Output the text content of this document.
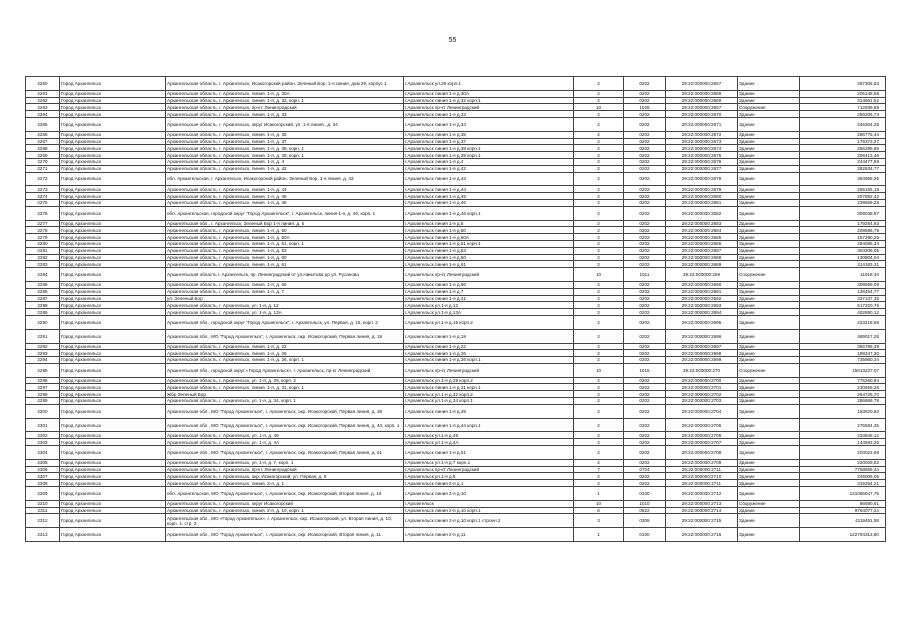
55
2260	Город Архангельск	Архангельская область, г. Архангельск, Исакогорский район, Зеленый Бор, 1-я линия, дом 29, корпус 1	г.Архангельск ул.29 корп.1	2	0202	29:22:000000:2667	Здание	287306,53
2261	Город Архангельск	Архангельская область, г. Архангельск, линия. 1-я, д. 30А	г.Архангельск линия 1-я д.30А	2	0202	29:22:000000:2668	Здание	205148,58
2262	Город Архангельск	Архангельская область, г. Архангельск, линия. 1-я, д. 32, корп. 1	г.Архангельск линия 1-я д.32 корп.1	2	0202	29:22:000000:2669	Здание	314661,52
2263	Город Архангельск	Архангельская область, г. Архангельск, пр-кт. Ленинградский	г.Архангельск пр-кт Ленинградский	10	1025	29:22:000000:2667	Сооружение	712939,89
2264	Город Архангельск	Архангельская область, г. Архангельск, линия. 1-я, д. 33	г.Архангельск линия 1-я д.33	2	0202	29:22:000000:2670	Здание	256206,74
2265	Город Архангельск	Архангельская область, г. Архангельск, округ Исакогорский, ул. 1-я линия., д. 34	г.Архангельск линия 1-я д.34	2	0202	29:22:000000:2671	Здание	246304,25
2266	Город Архангельск	Архангельская область, г. Архангельск, линия. 1-я, д. 35	г.Архангельск линия 1-я д.35	2	0202	29:22:000000:2672	Здание	286775,44
2267	Город Архангельск	Архангельская область, г. Архангельск, линия. 1-я, д. 37	г.Архангельск линия 1-я д.37	2	0202	29:22:000000:2673	Здание	176373,27
2268	Город Архангельск	Архангельская область, г. Архангельск, линия. 1-я, д. 38, корп. 1	г.Архангельск линия 1-я д.38 корп.1	2	0202	29:22:000000:2674	Здание	256295,85
2269	Город Архангельск	Архангельская область, г. Архангельск, линия. 1-я, д. 39, корп. 1	г.Архангельск линия 1-я д.39 корп.1	2	0202	29:22:000000:2675	Здание	206413,46
2270	Город Архангельск	Архангельская область, г. Архангельск, линия. 1-я, д. 4	г.Архангельск линия 1-я д.4	2	0202	29:22:000000:2676	Здание	244477,58
2271	Город Архангельск	Архангельская область, г. Архангельск, линия. 1-я, д. 42	г.Архангельск линия 1-я д.42	2	0202	29:22:000000:2677	Здание	282534,77
2272	Город Архангельск	обл. Архангельская, г. Архангельск, Исакогорский район, Зеленый Бор, 1-я линия, д. 43	г.Архангельск линия 1-я д.43	2	0202	29:22:000000:2678	Здание	364958,25
2273	Город Архангельск	Архангельская область, г. Архангельск, линия. 1-я, д. 44	г.Архангельск линия 1-я д.44	2	0202	29:22:000000:2679	Здание	265155,19
2274	Город Архангельск	Архангельская область, г. Архангельск, линия. 1-я, д. 45	г.Архангельск линия 1-я д.45	2	0202	29:22:000000:2680	Здание	207892,42
2275	Город Архангельск	Архангельская область, г. Архангельск, линия. 1-я, д. 46	г.Архангельск линия 1-я д.46	2	0202	29:22:000000:2681	Здание	239659,28
2276	Город Архангельск	обл. Архангельская, городской округ "Город Архангельск", г. Архангельск, линия 1-я, д. 46, корп. 1	г.Архангельск линия 1-я д.46 корп.1	2	0202	29:22:000000:2682	Здание	309038,97
2277	Город Архангельск	Архангельская обл., г. Архангельск, Зеленый Бор 1-я линия, д. 5	г.Архангельск линия 1-я д.5	2	0202	29:22:000000:2683	Здание	179284,63
2278	Город Архангельск	Архангельская область, г. Архангельск, линия. 1-я, д. 50	г.Архангельск линия 1-я д.50	2	0202	29:22:000000:2684	Здание	208596,79
2279	Город Архангельск	Архангельская область, г. Архангельск, линия. 1-я, д. 50А	г.Архангельск линия 1-я д.50А	2	0202	29:22:000000:2685	Здание	157290,26
2280	Город Архангельск	Архангельская область, г. Архангельск, линия. 1-я, д. 51, корп. 1	г.Архангельск линия 1-я д.51 корп.1	2	0202	29:22:000000:2686	Здание	294085,34
2281	Город Архангельск	Архангельская область, г. Архангельск, линия. 1-я, д. 53	г.Архангельск линия 1-я д.53	2	0202	29:22:000000:2687	Здание	303208,05
2282	Город Архангельск	Архангельская область, г. Архангельск, линия. 1-я, д. 60	г.Архангельск линия 1-я д.60	2	0202	29:22:000000:2688	Здание	130804,04
2283	Город Архангельск	Архангельская область, г. Архангельск, линия. 1-я, д. 61	г.Архангельск линия 1-я д.61	2	0202	29:22:000000:2689	Здание	314183,31
2284	Город Архангельск	Архангельская область г. Архангельск, пр. Ленинградский от ул.Никитова до ул. Русанова	г.Архангельск пр-кт Ленинградский	10	1011	29:22:000000:269	Сооружение	11918,34
2285	Город Архангельск	Архангельская область, г. Архангельск, линия. 1-я, д. 66	г.Архангельск линия 1-я д.66	2	0202	29:22:000000:2690	Здание	309569,09
2286	Город Архангельск	Архангельская область, г. Архангельск, линия. 1-я, д. 7	г.Архангельск линия 1-я д.7	2	0202	29:22:000000:2691	Здание	136454,77
2287	Город Архангельск	ул. Зеленый Бор	г.Архангельск линия 1-я д.41	2	0202	29:22:000000:2692	Здание	337137,35
2288	Город Архангельск	Архангельская область, г. Архангельск, ул. 1-я, д. 12	г.Архангельск ул.1-я д.12	2	0202	29:22:000000:2693	Здание	617320,76
2289	Город Архангельск	Архангельская область, г. Архангельск, ул. 1-я, д. 13А	г.Архангельск ул.1-я д.13А	2	0202	29:22:000000:2694	Здание	402890,12
2290	Город Архангельск	Архангельская обл., городской округ "Город Архангельск", г. Архангельск, ул. Первая, д. 15, корп. 2	г.Архангельск ул.1-я д.15 корп.2	2	0202	29:22:000000:2695	Здание	223218,58
2291	Город Архангельск	Архангельская обл., МО "Город Архангельск", г. Архангельск, окр. Исакогорский, Первая линия, д. 19	г.Архангельск линия 1-я д.19	2	0202	29:22:000000:2696	Здание	489017,26
2292	Город Архангельск	Архангельская область, г. Архангельск, линия. 1-я, д. 22	г.Архангельск линия 1-я д.22	2	0202	29:22:000000:2697	Здание	366786,39
2293	Город Архангельск	Архангельская область, г. Архангельск, линия. 1-я, д. 26	г.Архангельск линия 1-я д.26	2	0202	29:22:000000:2698	Здание	189347,30
2294	Город Архангельск	Архангельская область, г. Архангельск, линия. 1-я, д. 26, корп. 1	г.Архангельск линия 1-я д.26 корп.1	2	0202	29:22:000000:2699	Здание	735960,34
2295	Город Архангельск	Архангельская обл., городской округ «Город Архангельск», г. Архангельск, пр-кт Ленинградский	г.Архангельск пр-кт Ленинградский	10	1015	29:22:000000:270	Сооружение	15613227,07
2296	Город Архангельск	Архангельская область, г. Архангельск, ул. 1-я, д. 29, корп. 2	г.Архангельск ул.1-я д.29 корп.2	2	0202	29:22:000000:2700	Здание	775260,84
2297	Город Архангельск	Архангельская область, г. Архангельск, линия. 1-я, д. 31, корп. 1	г.Архангельск линия 1-я д.31 корп.1	2	0202	29:22:000000:2701	Здание	230659,28
2298	Город Архангельск	Жбр Зеленый Бор	г.Архангельск ул.1-я д.32 корп.2	2	0202	29:22:000000:2702	Здание	264726,70
2299	Город Архангельск	Архангельская область, г. Архангельск, ул. 1-я, д. 34, корп. 1	г.Архангельск ул.1-я д.34 корп.1	2	0202	29:22:000000:2703	Здание	286866,78
2300	Город Архангельск	Архангельская обл., МО "Город Архангельск", г. Архангельск, окр. Исакогорский, Первая линия, д. 39	г.Архангельск линия 1-я д.39	2	0202	29:22:000000:2704	Здание	153820,82
2301	Город Архангельск	Архангельская обл., МО "Город Архангельск", г. Архангельск, окр. Исакогорский, Первая линия, д. 44, корп. 1	г.Архангельск линия 1-я д.44 корп.1	2	0202	29:22:000000:2705	Здание	276584,35
2302	Город Архангельск	Архангельская область, г. Архангельск, ул. 1-я, д. 49	г.Архангельск ул.1-я д.49	2	0202	29:22:000000:2706	Здание	233848,12
2303	Город Архангельск	Архангельская область, г. Архангельск, ул. 1-я, д. 4А	г.Архангельск ул.1-я д.4А	2	0202	29:22:000000:2707	Здание	144593,25
2304	Город Архангельск	Архангельская обл., МО "Город Архангельск", г. Архангельск, окр. Исакогорский, Первая линия, д. 51	г.Архангельск линия 1-я д.51	2	0202	29:22:000000:2708	Здание	203022,69
2305	Город Архангельск	Архангельская область, г. Архангельск, ул. 1-я, д. 7, корп. 1	г.Архангельск ул.1-я д.7 корп.1	2	0202	29:22:000000:2709	Здание	220029,82
2306	Город Архангельск	Архангельская область, г. Архангельск, пр-кт. Ленинградский	г.Архангельск пр-кт Ленинградский	7	0704	29:22:000000:2711	Здание	7758659,44
2307	Город Архангельск	Архангельская область, г. Архангельск, окр. Исакогорский, ул. Первая, д. 8	г.Архангельск ул.1-я д.8	2	0202	29:22:000000:2710	Здание	245006,05
2308	Город Архангельск	Архангельская область, г. Архангельск, линия. 2-я, д. 1	г.Архангельск линия 2-я д.1	2	0202	29:22:000000:2711	Здание	319254,21
2309	Город Архангельск	обл. Архангельская, МО "Город Архангельск", г. Архангельск, окр. Исакогорский, Вторая линия, д. 10	г.Архангельск линия 2-я д.10	1	0100	29:22:000000:2712	Здание	131066047,75
2310	Город Архангельск	Архангельская область, г. Архангельск, округ Исакогорский	г.Архангельск	10	1010	29:22:000000:2713	Сооружение	86690,61
2311	Город Архангельск	Архангельская область, г. Архангельск, линия. 2-я, д. 10, корп. 1	г.Архангельск линия 2-я д.10 корп.1	8	0822	29:22:000000:2714	Здание	9764077,24
2312	Город Архангельск	Архангельская обл., МО «Город Архангельск», г. Архангельск, окр. Исакогорский, ул. Вторая линия, д. 10, корп. 1, стр. 2	г.Архангельск линия 2-я д.10 корп.1 строен.2	3	0305	29:22:000000:2715	Здание	4119451,58
2313	Город Архангельск	Архангельская обл., МО "Город Архангельск", г. Архангельск, окр. Исакогорский, Вторая линия, д. 11	г.Архангельск линия 2-я д.11	1	0100	29:22:000000:2716	Здание	122794313,80
